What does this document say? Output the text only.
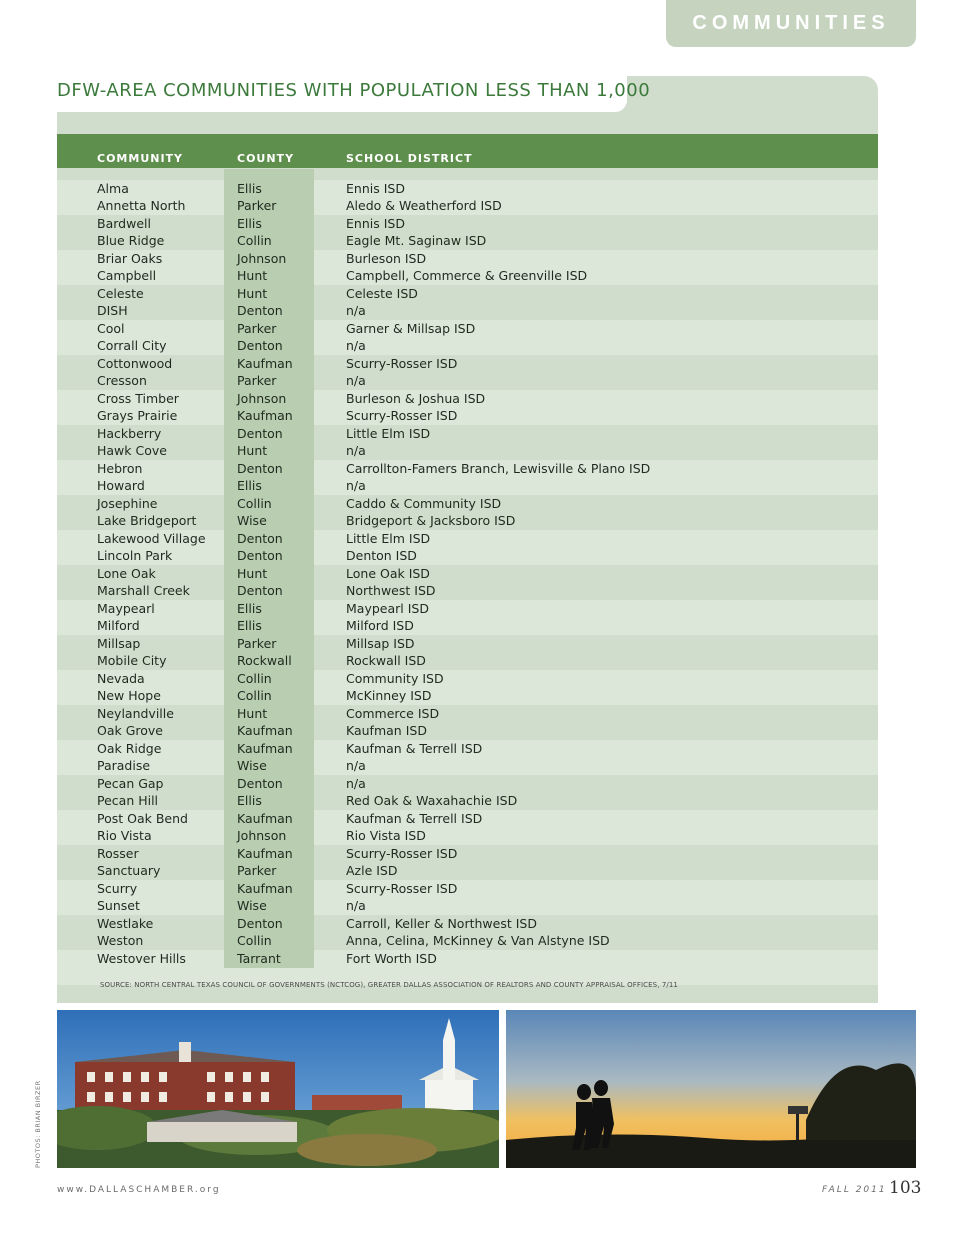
COMMUNITIES
DFW-AREA COMMUNITIES WITH POPULATION LESS THAN 1,000
COMMUNITY	COUNTY	SCHOOL DISTRICT
Alma	Ellis	Ennis ISD
Annetta North	Parker	Aledo & Weatherford ISD
Bardwell	Ellis	Ennis ISD
Blue Ridge	Collin	Eagle Mt. Saginaw ISD
Briar Oaks	Johnson	Burleson ISD
Campbell	Hunt	Campbell, Commerce & Greenville ISD
Celeste	Hunt	Celeste ISD
DISH	Denton	n/a
Cool	Parker	Garner & Millsap ISD
Corrall City	Denton	n/a
Cottonwood	Kaufman	Scurry-Rosser ISD
Cresson	Parker	n/a
Cross Timber	Johnson	Burleson & Joshua ISD
Grays Prairie	Kaufman	Scurry-Rosser ISD
Hackberry	Denton	Little Elm ISD
Hawk Cove	Hunt	n/a
Hebron	Denton	Carrollton-Famers Branch, Lewisville & Plano ISD
Howard	Ellis	n/a
Josephine	Collin	Caddo & Community ISD
Lake Bridgeport	Wise	Bridgeport & Jacksboro ISD
Lakewood Village	Denton	Little Elm ISD
Lincoln Park	Denton	Denton ISD
Lone Oak	Hunt	Lone Oak ISD
Marshall Creek	Denton	Northwest ISD
Maypearl	Ellis	Maypearl ISD
Milford	Ellis	Milford ISD
Millsap	Parker	Millsap ISD
Mobile City	Rockwall	Rockwall ISD
Nevada	Collin	Community ISD
New Hope	Collin	McKinney ISD
Neylandville	Hunt	Commerce ISD
Oak Grove	Kaufman	Kaufman ISD
Oak Ridge	Kaufman	Kaufman & Terrell ISD
Paradise	Wise	n/a
Pecan Gap	Denton	n/a
Pecan Hill	Ellis	Red Oak & Waxahachie ISD
Post Oak Bend	Kaufman	Kaufman & Terrell ISD
Rio Vista	Johnson	Rio Vista ISD
Rosser	Kaufman	Scurry-Rosser ISD
Sanctuary	Parker	Azle ISD
Scurry	Kaufman	Scurry-Rosser ISD
Sunset	Wise	n/a
Westlake	Denton	Carroll, Keller & Northwest ISD
Weston	Collin	Anna, Celina, McKinney & Van Alstyne ISD
Westover Hills	Tarrant	Fort Worth ISD
SOURCE: NORTH CENTRAL TEXAS COUNCIL OF GOVERNMENTS (NCTCOG), GREATER DALLAS ASSOCIATION OF REALTORS AND COUNTY APPRAISAL OFFICES, 7/11
PHOTOS: BRIAN BIRZER
www.DALLASCHAMBER.org	FALL 2011 103
